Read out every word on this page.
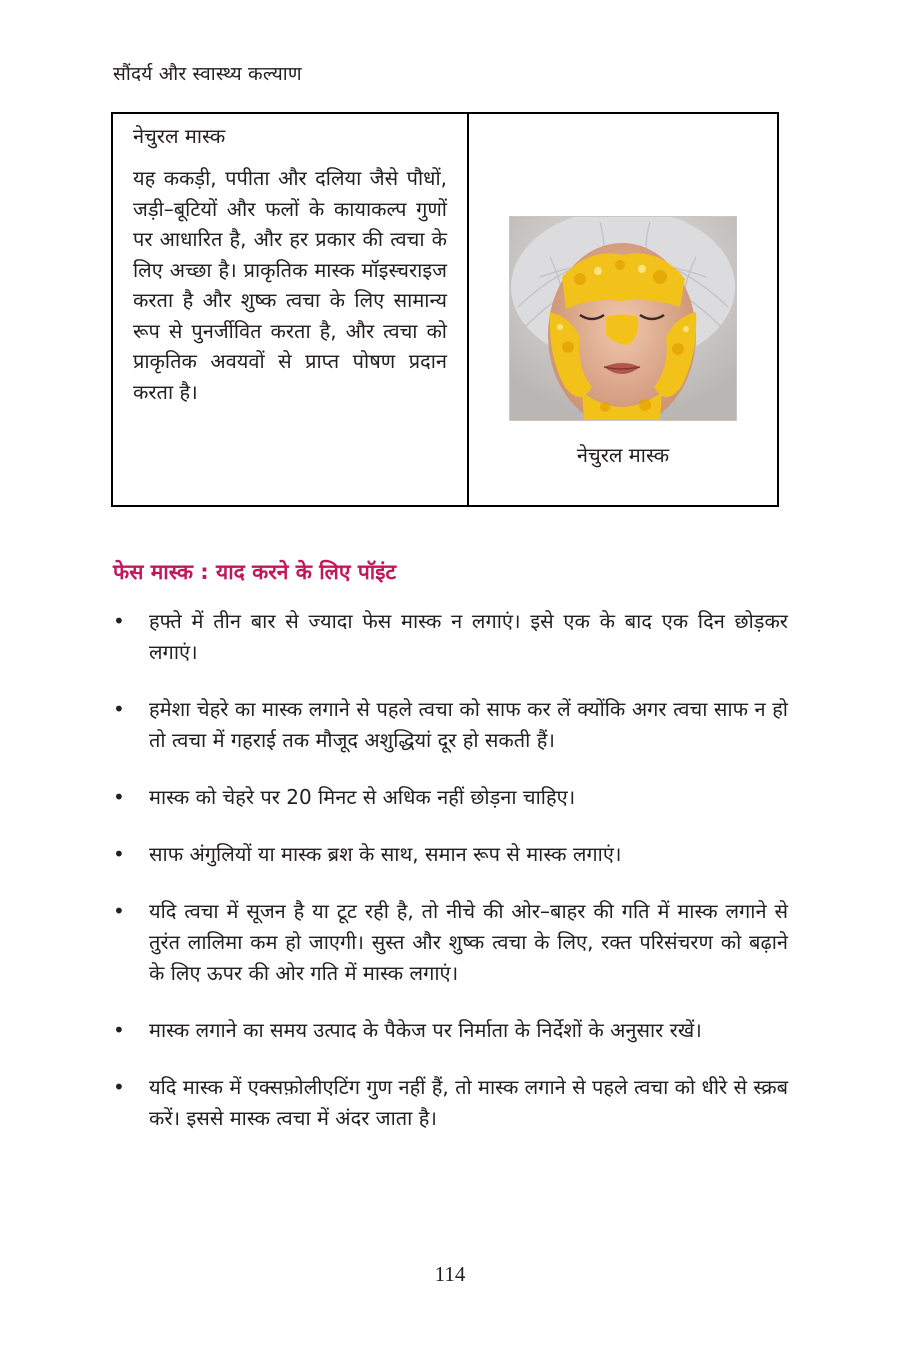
सौंदर्य और स्वास्थ्य कल्याण

नेचुरल मास्क

यह ककड़ी, पपीता और दलिया जैसे पौधों, जड़ी–बूटियों और फलों के कायाकल्प गुणों पर आधारित है, और हर प्रकार की त्वचा के लिए अच्छा है। प्राकृतिक मास्क मॉइस्चराइज करता है और शुष्क त्वचा के लिए सामान्य रूप से पुनर्जीवित करता है, और त्वचा को प्राकृतिक अवयवों से प्राप्त पोषण प्रदान करता है।

नेचुरल मास्क
फेस मास्क : याद करने के लिए पॉइंट
• हफ्ते में तीन बार से ज्यादा फेस मास्क न लगाएं। इसे एक के बाद एक दिन छोड़कर लगाएं।
• हमेशा चेहरे का मास्क लगाने से पहले त्वचा को साफ कर लें क्योंकि अगर त्वचा साफ न हो तो त्वचा में गहराई तक मौजूद अशुद्धियां दूर हो सकती हैं।
• मास्क को चेहरे पर 20 मिनट से अधिक नहीं छोड़ना चाहिए।
• साफ अंगुलियों या मास्क ब्रश के साथ, समान रूप से मास्क लगाएं।
• यदि त्वचा में सूजन है या टूट रही है, तो नीचे की ओर–बाहर की गति में मास्क लगाने से तुरंत लालिमा कम हो जाएगी। सुस्त और शुष्क त्वचा के लिए, रक्त परिसंचरण को बढ़ाने के लिए ऊपर की ओर गति में मास्क लगाएं।
• मास्क लगाने का समय उत्पाद के पैकेज पर निर्माता के निर्देशों के अनुसार रखें।
• यदि मास्क में एक्सफ़ोलीएटिंग गुण नहीं हैं, तो मास्क लगाने से पहले त्वचा को धीरे से स्क्रब करें। इससे मास्क त्वचा में अंदर जाता है।
114
